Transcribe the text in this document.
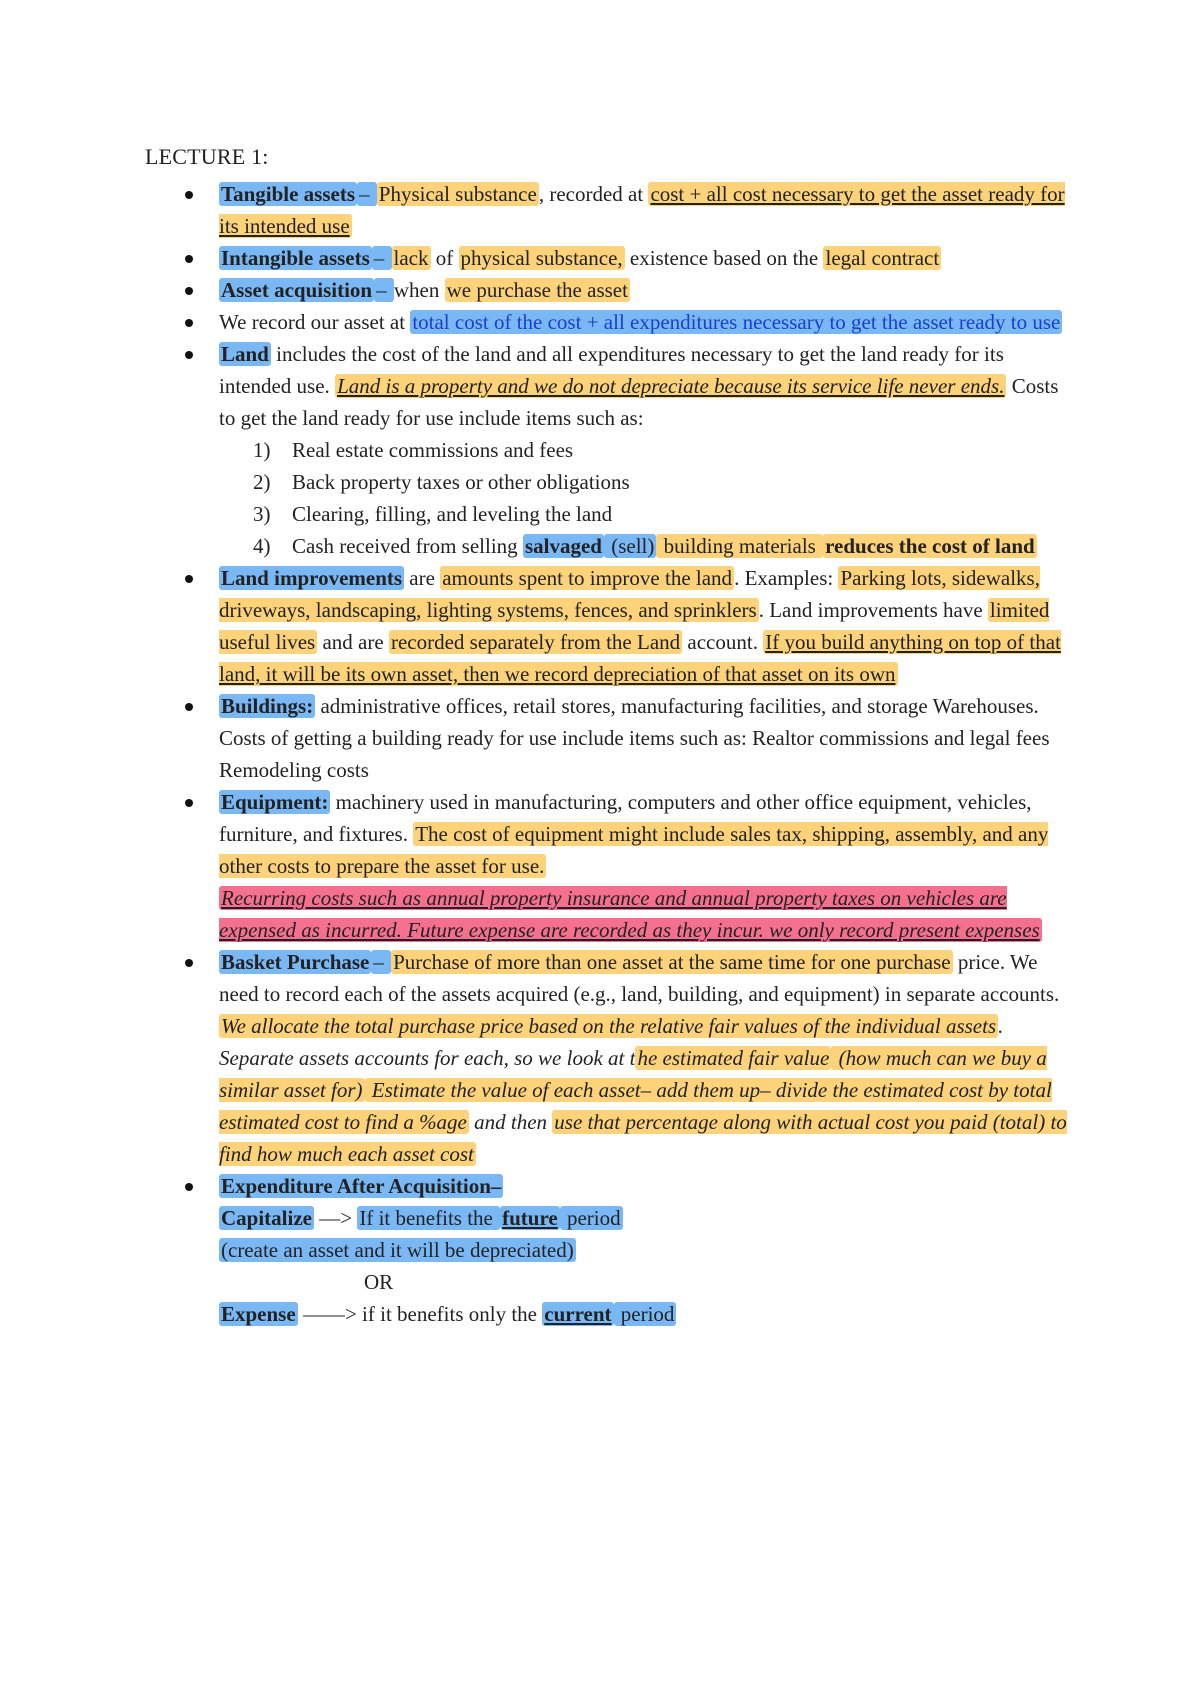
LECTURE 1:
Tangible assets – Physical substance, recorded at cost + all cost necessary to get the asset ready for its intended use
Intangible assets – lack of physical substance, existence based on the legal contract
Asset acquisition – when we purchase the asset
We record our asset at total cost of the cost + all expenditures necessary to get the asset ready to use
Land includes the cost of the land and all expenditures necessary to get the land ready for its intended use. Land is a property and we do not depreciate because its service life never ends. Costs to get the land ready for use include items such as:
1) Real estate commissions and fees
2) Back property taxes or other obligations
3) Clearing, filling, and leveling the land
4) Cash received from selling salvaged (sell) building materials reduces the cost of land
Land improvements are amounts spent to improve the land. Examples: Parking lots, sidewalks, driveways, landscaping, lighting systems, fences, and sprinklers. Land improvements have limited useful lives and are recorded separately from the Land account. If you build anything on top of that land, it will be its own asset, then we record depreciation of that asset on its own
Buildings: administrative offices, retail stores, manufacturing facilities, and storage Warehouses. Costs of getting a building ready for use include items such as: Realtor commissions and legal fees Remodeling costs
Equipment: machinery used in manufacturing, computers and other office equipment, vehicles, furniture, and fixtures. The cost of equipment might include sales tax, shipping, assembly, and any other costs to prepare the asset for use.
Recurring costs such as annual property insurance and annual property taxes on vehicles are expensed as incurred. Future expense are recorded as they incur. we only record present expenses
Basket Purchase – Purchase of more than one asset at the same time for one purchase price. We need to record each of the assets acquired (e.g., land, building, and equipment) in separate accounts. We allocate the total purchase price based on the relative fair values of the individual assets. Separate assets accounts for each, so we look at the estimated fair value (how much can we buy a similar asset for) Estimate the value of each asset– add them up– divide the estimated cost by total estimated cost to find a %age and then use that percentage along with actual cost you paid (total) to find how much each asset cost
Expenditure After Acquisition–
Capitalize —> If it benefits the future period
(create an asset and it will be depreciated)
OR
Expense ——> if it benefits only the current period
